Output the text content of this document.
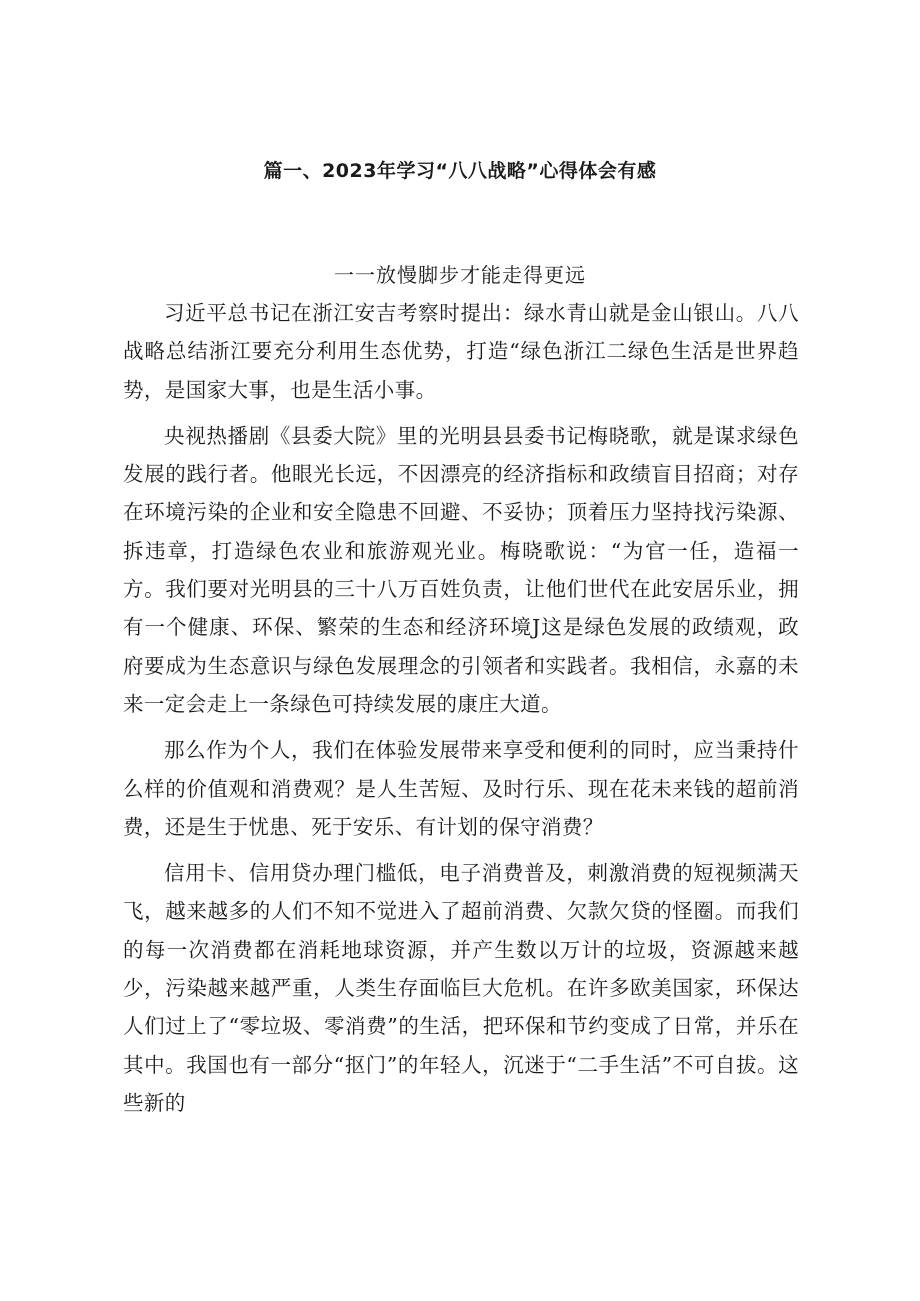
篇一、2023年学习“八八战略”心得体会有感
一一放慢脚步才能走得更远

习近平总书记在浙江安吉考察时提出：绿水青山就是金山银山。八八战略总结浙江要充分利用生态优势，打造“绿色浙江二绿色生活是世界趋势，是国家大事，也是生活小事。

央视热播剧《县委大院》里的光明县县委书记梅晓歌，就是谋求绿色发展的践行者。他眼光长远，不因漂亮的经济指标和政绩盲目招商；对存在环境污染的企业和安全隐患不回避、不妥协；顶着压力坚持找污染源、拆违章，打造绿色农业和旅游观光业。梅晓歌说：“为官一任，造福一方。我们要对光明县的三十八万百姓负责，让他们世代在此安居乐业，拥有一个健康、环保、繁荣的生态和经济环境J这是绿色发展的政绩观，政府要成为生态意识与绿色发展理念的引领者和实践者。我相信，永嘉的未来一定会走上一条绿色可持续发展的康庄大道。

那么作为个人，我们在体验发展带来享受和便利的同时，应当秉持什么样的价值观和消费观？是人生苦短、及时行乐、现在花未来钱的超前消费，还是生于忧患、死于安乐、有计划的保守消费？

信用卡、信用贷办理门槛低，电子消费普及，刺激消费的短视频满天飞，越来越多的人们不知不觉进入了超前消费、欠款欠贷的怪圈。而我们的每一次消费都在消耗地球资源，并产生数以万计的垃圾，资源越来越少，污染越来越严重，人类生存面临巨大危机。在许多欧美国家，环保达人们过上了“零垃圾、零消费”的生活，把环保和节约变成了日常，并乐在其中。我国也有一部分“抠门”的年轻人，沉迷于“二手生活”不可自拔。这些新的
